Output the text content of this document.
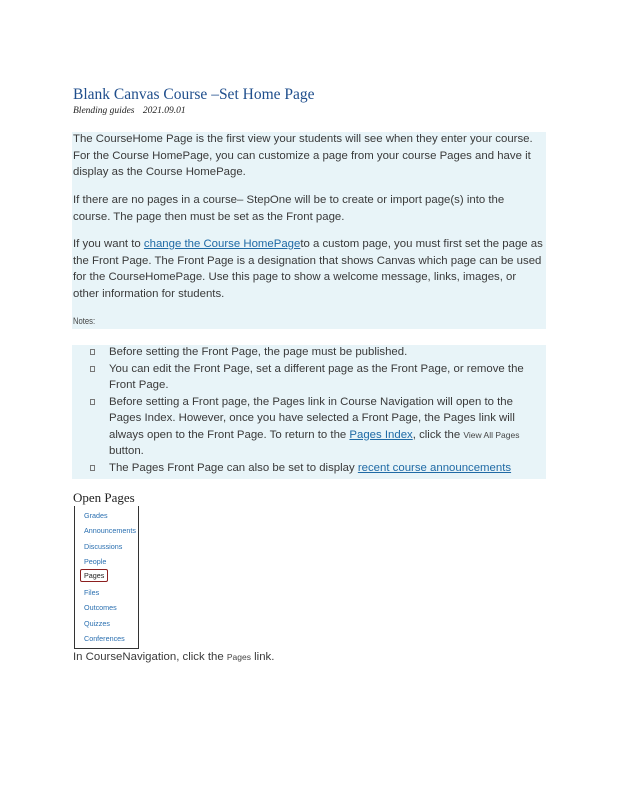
Blank Canvas Course –Set Home Page
Blending guides 2021.09.01
The CourseHome Page is the first view your students will see when they enter your course. For the Course HomePage, you can customize a page from your course Pages and have it display as the Course HomePage.
If there are no pages in a course– StepOne will be to create or import page(s) into the course. The page then must be set as the Front page.
If you want to change the Course HomePageto a custom page, you must first set the page as the Front Page. The Front Page is a designation that shows Canvas which page can be used for the CourseHomePage. Use this page to show a welcome message, links, images, or other information for students.
Notes:
Before setting the Front Page, the page must be published.
You can edit the Front Page, set a different page as the Front Page, or remove the Front Page.
Before setting a Front page, the Pages link in Course Navigation will open to the Pages Index. However, once you have selected a Front Page, the Pages link will always open to the Front Page. To return to the Pages Index, click the View All Pages button.
The Pages Front Page can also be set to display recent course announcements
Open Pages
Grades
Announcements
Discussions
People
Pages
Files
Outcomes
Quizzes
Conferences
In CourseNavigation, click the Pages link.
